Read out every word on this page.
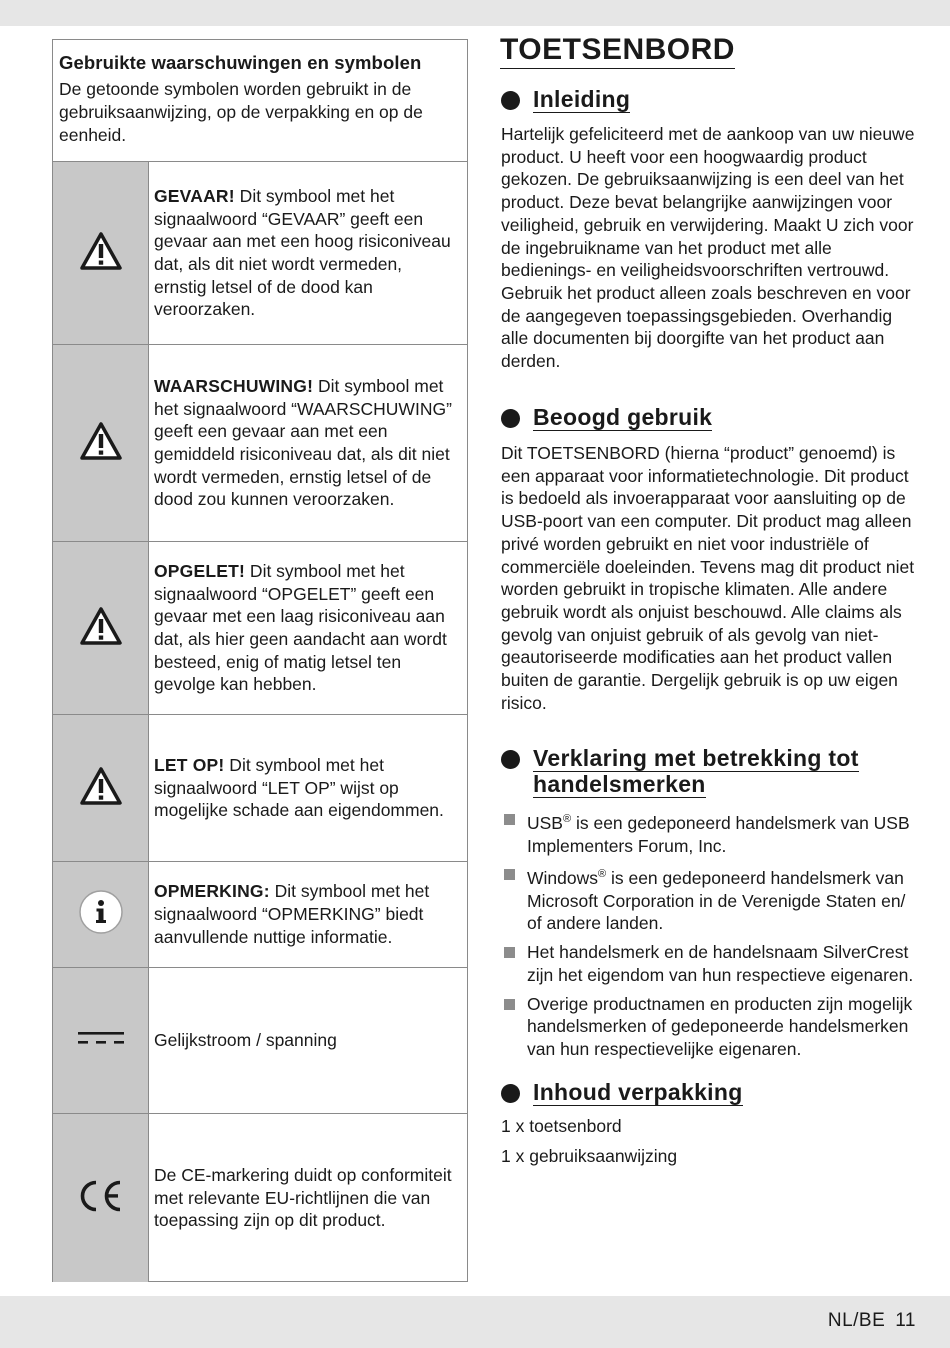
Gebruikte waarschuwingen en symbolen

De getoonde symbolen worden gebruikt in de gebruiksaanwijzing, op de verpakking en op de eenheid.

GEVAAR! Dit symbool met het signaalwoord “GEVAAR” geeft een gevaar aan met een hoog risiconiveau dat, als dit niet wordt vermeden, ernstig letsel of de dood kan veroorzaken.
WAARSCHUWING! Dit symbool met het signaalwoord “WAARSCHUWING” geeft een gevaar aan met een gemiddeld risiconiveau dat, als dit niet wordt vermeden, ernstig letsel of de dood zou kunnen veroorzaken.
OPGELET! Dit symbool met het signaalwoord “OPGELET” geeft een gevaar met een laag risiconiveau aan dat, als hier geen aandacht aan wordt besteed, enig of matig letsel ten gevolge kan hebben.
LET OP! Dit symbool met het signaalwoord “LET OP” wijst op mogelijke schade aan eigendommen.
OPMERKING: Dit symbool met het signaalwoord “OPMERKING” biedt aanvullende nuttige informatie.
Gelijkstroom / spanning
De CE-markering duidt op conformiteit met relevante EU-richtlijnen die van toepassing zijn op dit product.
TOETSENBORD
Inleiding
Hartelijk gefeliciteerd met de aankoop van uw nieuwe product. U heeft voor een hoogwaardig product gekozen. De gebruiksaanwijzing is een deel van het product. Deze bevat belangrijke aanwijzingen voor veiligheid, gebruik en verwijdering. Maakt U zich voor de ingebruikname van het product met alle bedienings- en veiligheidsvoorschriften vertrouwd. Gebruik het product alleen zoals beschreven en voor de aangegeven toepassingsgebieden. Overhandig alle documenten bij doorgifte van het product aan derden.
Beoogd gebruik
Dit TOETSENBORD (hierna “product” genoemd) is een apparaat voor informatietechnologie. Dit product is bedoeld als invoerapparaat voor aansluiting op de USB-poort van een computer. Dit product mag alleen privé worden gebruikt en niet voor industriële of commerciële doeleinden. Tevens mag dit product niet worden gebruikt in tropische klimaten. Alle andere gebruik wordt als onjuist beschouwd. Alle claims als gevolg van onjuist gebruik of als gevolg van niet-geautoriseerde modificaties aan het product vallen buiten de garantie. Dergelijk gebruik is op uw eigen risico.
Verklaring met betrekking tot
handelsmerken
USB® is een gedeponeerd handelsmerk van USB Implementers Forum, Inc.
Windows® is een gedeponeerd handelsmerk van Microsoft Corporation in de Verenigde Staten en/ of andere landen.
Het handelsmerk en de handelsnaam SilverCrest zijn het eigendom van hun respectieve eigenaren.
Overige productnamen en producten zijn mogelijk handelsmerken of gedeponeerde handelsmerken van hun respectievelijke eigenaren.
Inhoud verpakking
1 x toetsenbord
1 x gebruiksaanwijzing
NL/BE 11
